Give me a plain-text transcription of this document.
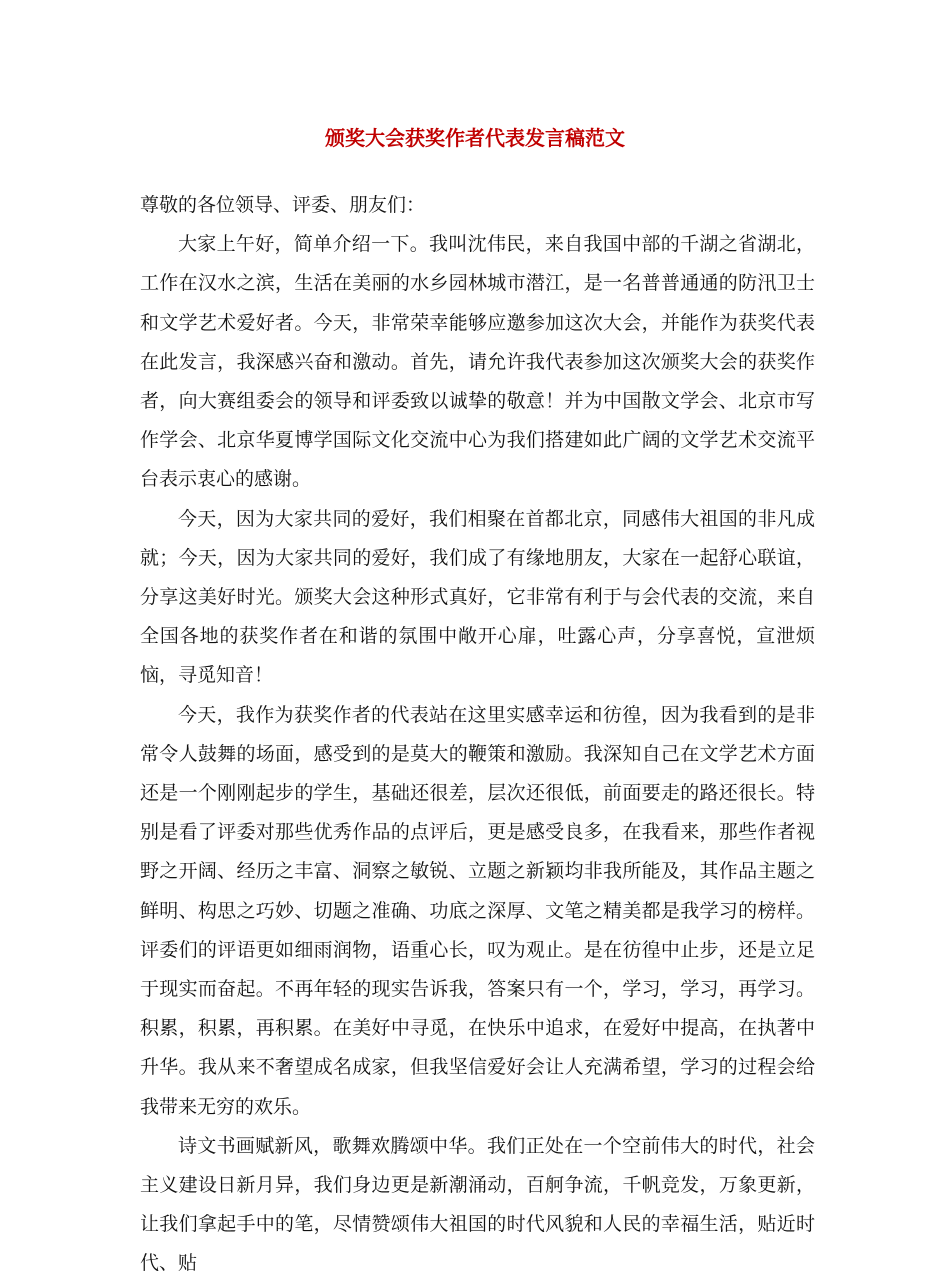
颁奖大会获奖作者代表发言稿范文

尊敬的各位领导、评委、朋友们：

大家上午好，简单介绍一下。我叫沈伟民，来自我国中部的千湖之省湖北，工作在汉水之滨，生活在美丽的水乡园林城市潜江，是一名普普通通的防汛卫士和文学艺术爱好者。今天，非常荣幸能够应邀参加这次大会，并能作为获奖代表在此发言，我深感兴奋和激动。首先，请允许我代表参加这次颁奖大会的获奖作者，向大赛组委会的领导和评委致以诚挚的敬意！并为中国散文学会、北京市写作学会、北京华夏博学国际文化交流中心为我们搭建如此广阔的文学艺术交流平台表示衷心的感谢。

今天，因为大家共同的爱好，我们相聚在首都北京，同感伟大祖国的非凡成就；今天，因为大家共同的爱好，我们成了有缘地朋友，大家在一起舒心联谊，分享这美好时光。颁奖大会这种形式真好，它非常有利于与会代表的交流，来自全国各地的获奖作者在和谐的氛围中敞开心扉，吐露心声，分享喜悦，宣泄烦恼，寻觅知音！

今天，我作为获奖作者的代表站在这里实感幸运和彷徨，因为我看到的是非常令人鼓舞的场面，感受到的是莫大的鞭策和激励。我深知自己在文学艺术方面还是一个刚刚起步的学生，基础还很差，层次还很低，前面要走的路还很长。特别是看了评委对那些优秀作品的点评后，更是感受良多，在我看来，那些作者视野之开阔、经历之丰富、洞察之敏锐、立题之新颖均非我所能及，其作品主题之鲜明、构思之巧妙、切题之准确、功底之深厚、文笔之精美都是我学习的榜样。评委们的评语更如细雨润物，语重心长，叹为观止。是在彷徨中止步，还是立足于现实而奋起。不再年轻的现实告诉我，答案只有一个，学习，学习，再学习。积累，积累，再积累。在美好中寻觅，在快乐中追求，在爱好中提高，在执著中升华。我从来不奢望成名成家，但我坚信爱好会让人充满希望，学习的过程会给我带来无穷的欢乐。

诗文书画赋新风，歌舞欢腾颂中华。我们正处在一个空前伟大的时代，社会主义建设日新月异，我们身边更是新潮涌动，百舸争流，千帆竞发，万象更新，让我们拿起手中的笔，尽情赞颂伟大祖国的时代风貌和人民的幸福生活，贴近时代、贴
